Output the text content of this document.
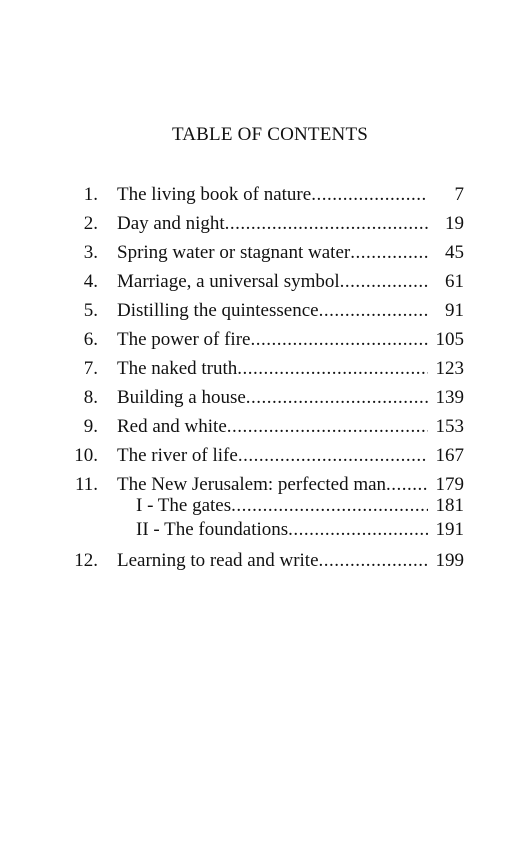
TABLE OF CONTENTS
1. The living book of nature .....	7
2. Day and night .....	19
3. Spring water or stagnant water .....	45
4. Marriage, a universal symbol .....	61
5. Distilling the quintessence .....	91
6. The power of fire .....	105
7. The naked truth .....	123
8. Building a house .....	139
9. Red and white .....	153
10. The river of life .....	167
11. The New Jerusalem: perfected man .....	179
I - The gates .....	181
II - The foundations .....	191
12. Learning to read and write .....	199
